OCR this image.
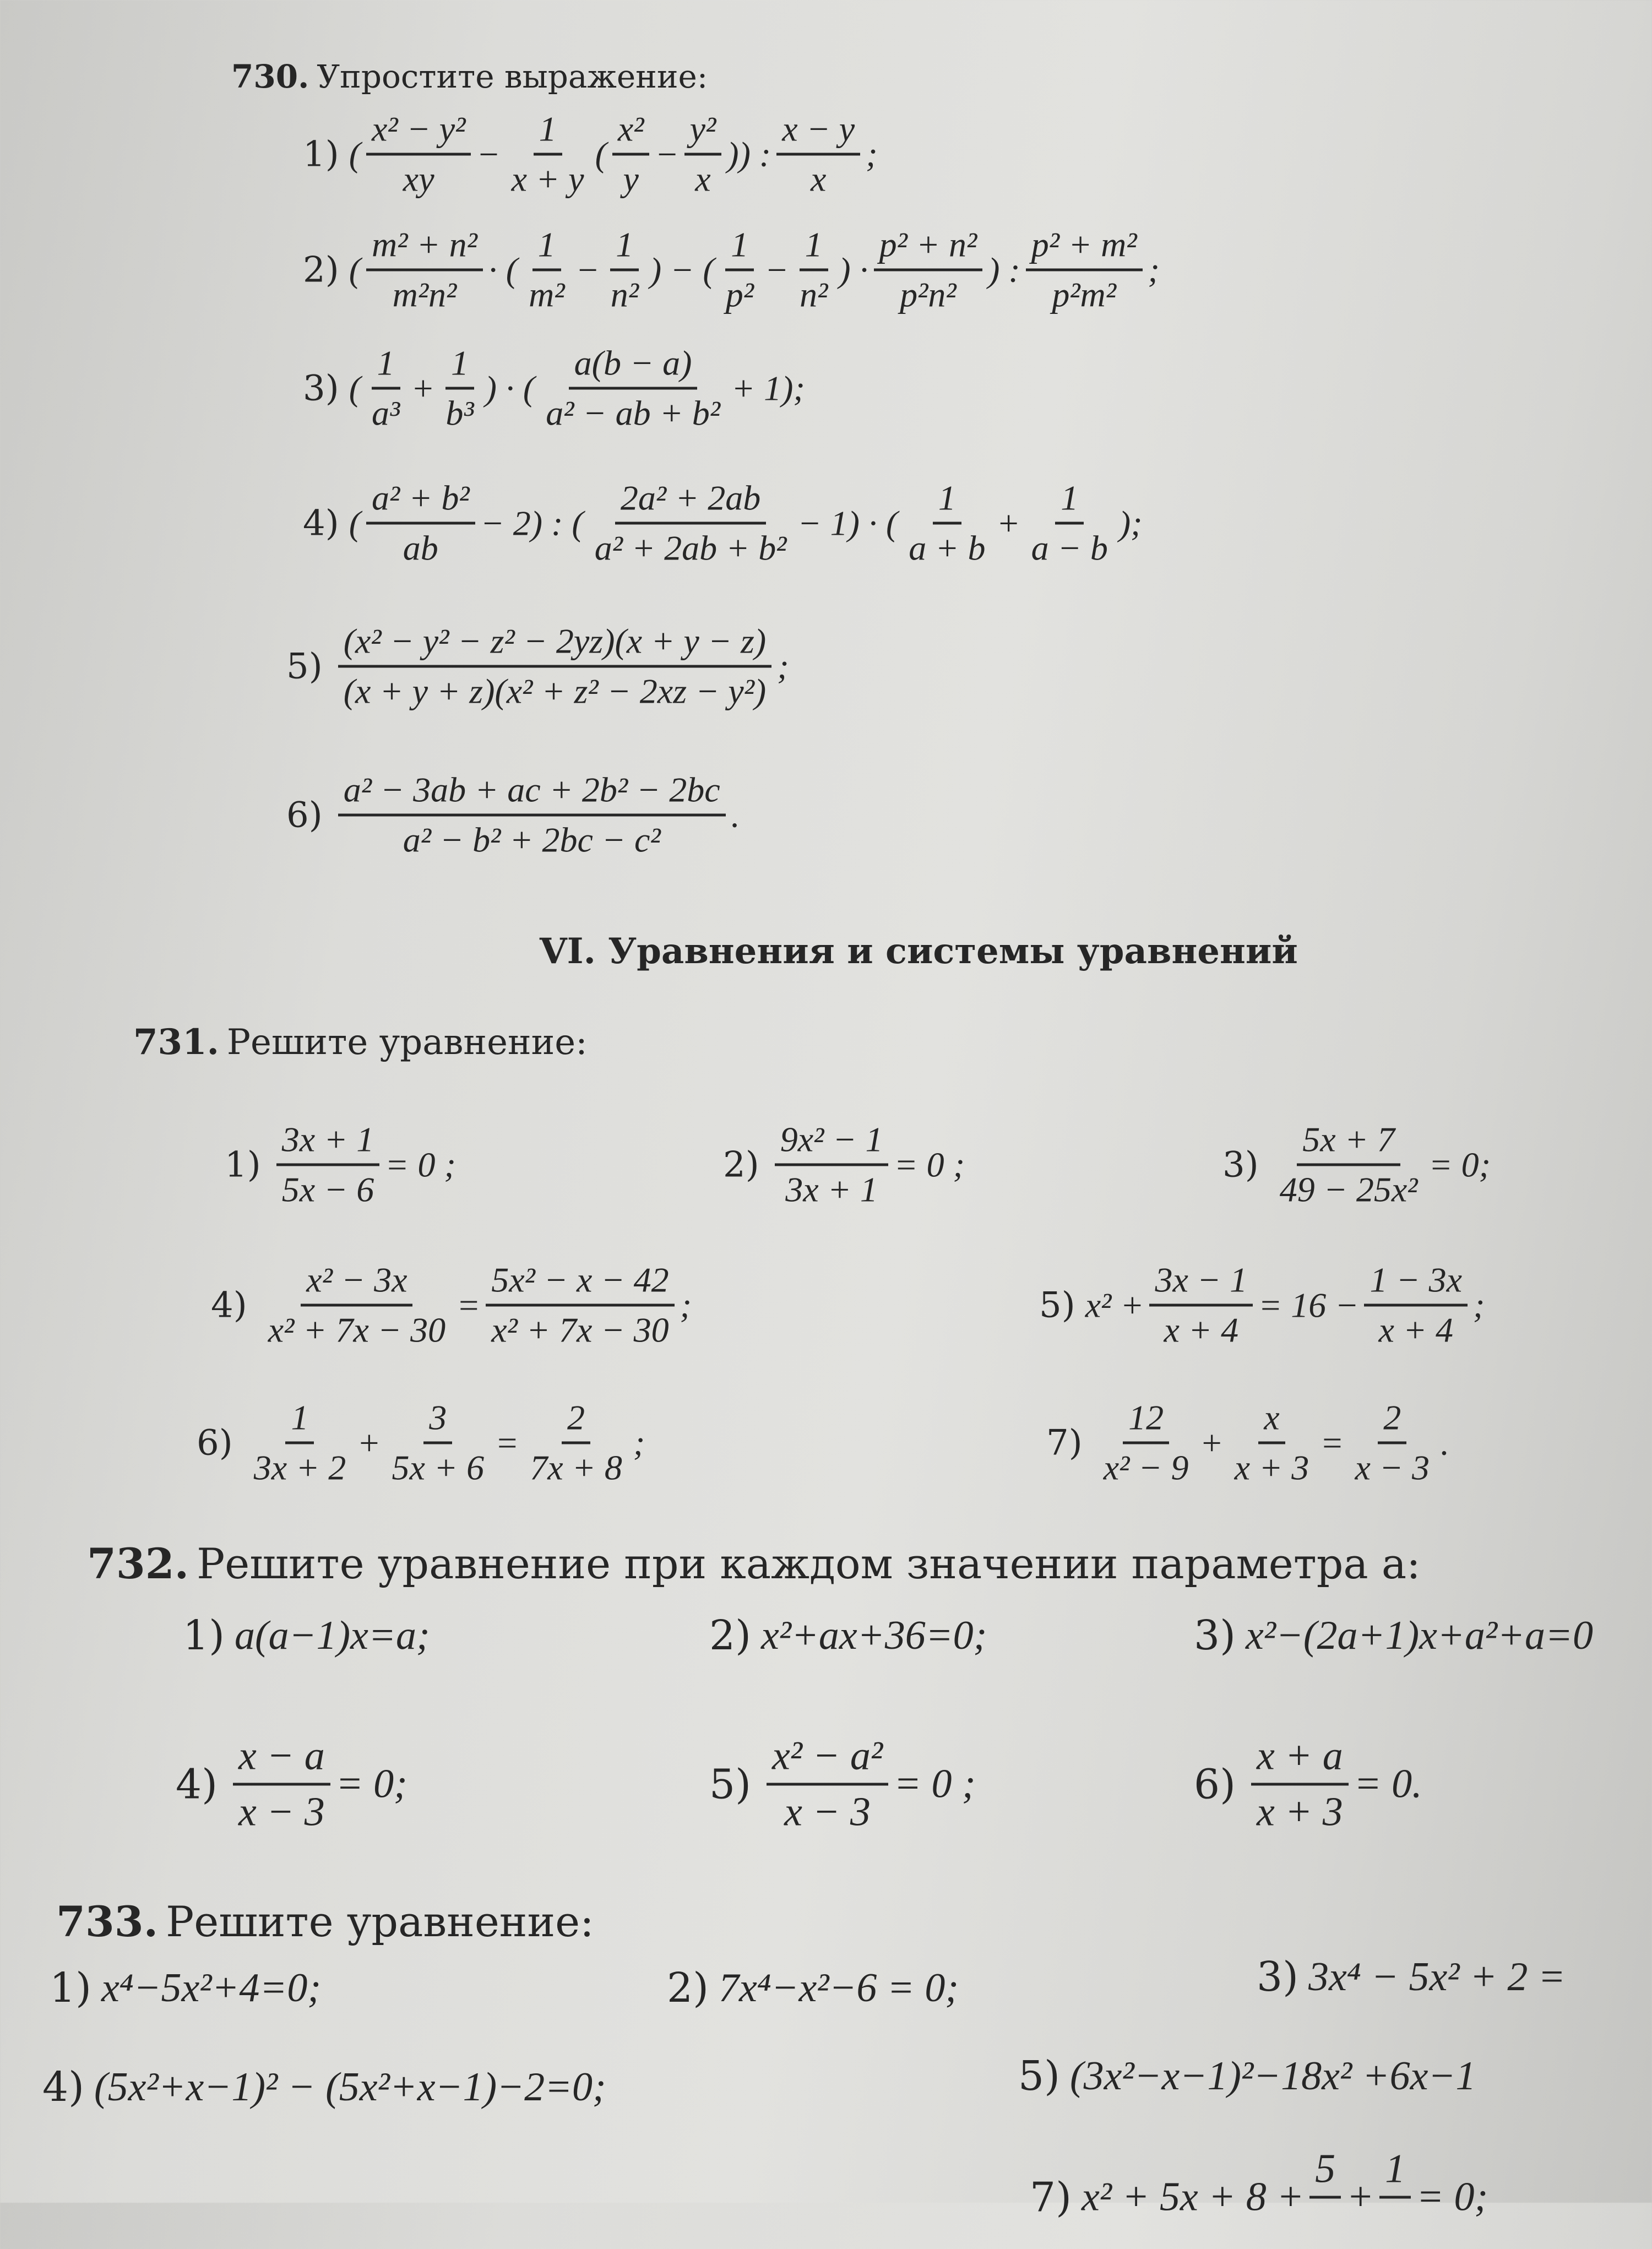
730. Упростите выражение:
VI. Уравнения и системы уравнений
731. Решите уравнение:
732. Решите уравнение при каждом значении параметра a:
733. Решите уравнение:
1) ( $\frac{\text{x² − y²}}{xy} - \frac{1}{x + y}$ ( $\frac{\text{x²}}{y} - \frac{\text{y²}}{x}$ )) : $\frac{x - y}{x}$ ;
2) ( $\frac{\text{m² + n²}}{\text{m²n²}}$ · ( $\frac{1}{\text{m²}} - \frac{1}{\text{n²}}$ ) − ( $\frac{1}{\text{p²}} - \frac{1}{\text{n²}}$ ) · $\frac{\text{p² + n²}}{\text{p²n²}}$ ) : $\frac{\text{p² + m²}}{\text{p²m²}}$ ;
3) ( $\frac{1}{\text{a³}} + \frac{1}{\text{b³}}$ ) · ( $\frac{a(b - a)}{\text{a² − ab + b²}} + 1$);
4) ( $\frac{\text{a² + b²}}{ab} - 2$) : ( $\frac{\text{2a² + 2ab}}{\text{a² + 2ab + b²}} - 1$) · ( $\frac{1}{a + b} + \frac{1}{a - b}$ );
$5) \frac{\text{(x² − y² − z² − 2yz)(x + y − z)}}{\text{(x + y + z)(x² + z² − 2xz − y²)}}$ ;
$6) \frac{\text{a² − 3ab + ac + 2b² − 2bc}}{\text{a² − b² + 2bc − c²}}$ .
$1) \frac{3x + 1}{5x - 6} = 0$ ;	$2) \frac{\text{9x² − 1}}{3x + 1} = 0$ ;	$3) \frac{5x + 7}{\text{49 − 25x²}} = 0$;
$4) \frac{\text{x² − 3x}}{\text{x² + 7x − 30}} = \frac{\text{5x² − x − 42}}{\text{x² + 7x − 30}}$ ;	5) $x^2 + \frac{3x - 1}{x + 4} = 16 - \frac{1 - 3x}{x + 4}$ ;
$6) \frac{1}{3x + 2} + \frac{3}{5x + 6} = \frac{2}{7x + 8}$ ;	$7) \frac{12}{\text{x² − 9}} + \frac{x}{x + 3} = \frac{2}{x - 3}$ .
1) a(a−1)x=a;	2) x²+ax+36=0;	3) x²−(2a+1)x+a²+a=0
$4) \frac{x - a}{x - 3} = 0$;	$5) \frac{\text{x² − a²}}{x - 3} = 0$ ;	$6) \frac{x + a}{x + 3} = 0$.
1) x⁴−5x²+4=0;	2) 7x⁴−x²−6 = 0;	3) 3x⁴ − 5x² + 2 =
4) (5x²+x−1)² − (5x²+x−1)−2=0;	5) (3x²−x−1)²−18x² +6x−1
7) x² + 5x + 8 +
5

+
1

= 0;
